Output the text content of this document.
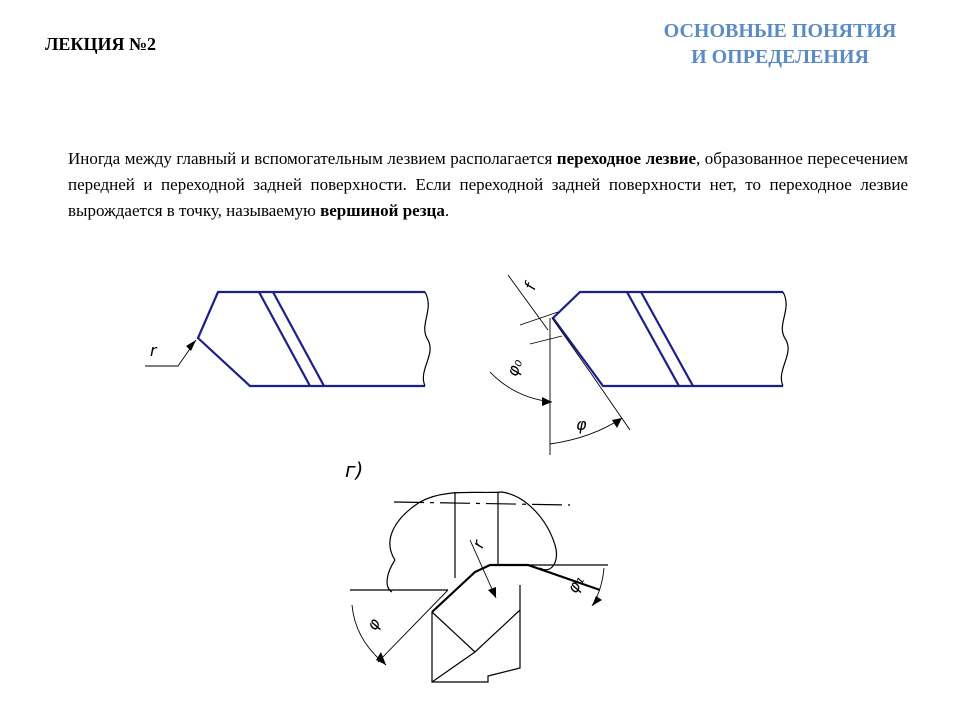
ЛЕКЦИЯ №2
ОСНОВНЫЕ ПОНЯТИЯ
И ОПРЕДЕЛЕНИЯ
Иногда между главный и вспомогательным лезвием располагается переходное лезвие, образованное пересечением передней и переходной задней поверхности. Если переходной задней поверхности нет, то переходное лезвие вырождается в точку, называемую вершиной резца.
r
f
φ₀
φ
г)
φ
r
φ₁
